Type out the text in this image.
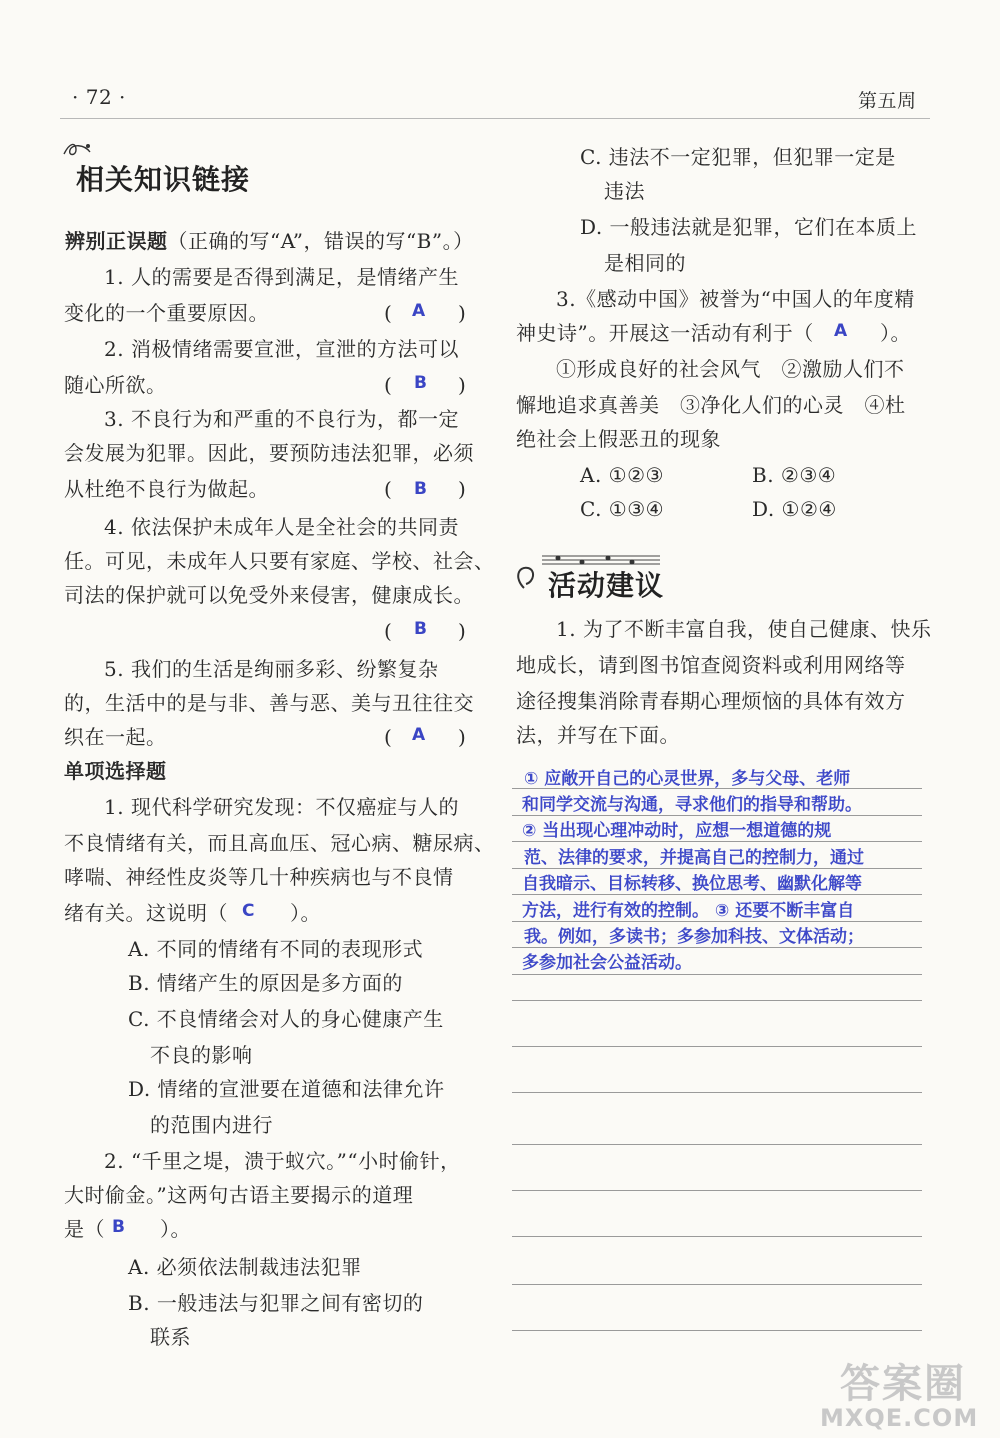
· 72 ·	第五周
相关知识链接
辨别正误题（正确的写“A”，错误的写“B”。）
1. 人的需要是否得到满足，是情绪产生
变化的一个重要原因。	( A )
2. 消极情绪需要宣泄，宣泄的方法可以
随心所欲。	( B )
3. 不良行为和严重的不良行为，都一定
会发展为犯罪。因此，要预防违法犯罪，必须
从杜绝不良行为做起。	( B )
4. 依法保护未成年人是全社会的共同责
任。可见，未成年人只要有家庭、学校、社会、
司法的保护就可以免受外来侵害，健康成长。
( B )
5. 我们的生活是绚丽多彩、纷繁复杂
的，生活中的是与非、善与恶、美与丑往往交
织在一起。	( A )
单项选择题
1. 现代科学研究发现：不仅癌症与人的
不良情绪有关，而且高血压、冠心病、糖尿病、
哮喘、神经性皮炎等几十种疾病也与不良情
绪有关。这说明（ C ）。
A. 不同的情绪有不同的表现形式
B. 情绪产生的原因是多方面的
C. 不良情绪会对人的身心健康产生
不良的影响
D. 情绪的宣泄要在道德和法律允许
的范围内进行
2. “千里之堤，溃于蚁穴。”“小时偷针，
大时偷金。”这两句古语主要揭示的道理
是（ B ）。
A. 必须依法制裁违法犯罪
B. 一般违法与犯罪之间有密切的
联系
C. 违法不一定犯罪，但犯罪一定是
违法
D. 一般违法就是犯罪，它们在本质上
是相同的
3.《感动中国》被誉为“中国人的年度精
神史诗”。开展这一活动有利于（ A ）。
①形成良好的社会风气　②激励人们不
懈地追求真善美　③净化人们的心灵　④杜
绝社会上假恶丑的现象
A. ①②③	B. ②③④
C. ①③④	D. ①②④
活动建议
1. 为了不断丰富自我，使自己健康、快乐
地成长，请到图书馆查阅资料或利用网络等
途径搜集消除青春期心理烦恼的具体有效方
法，并写在下面。
① 应敞开自己的心灵世界，多与父母、老师
和同学交流与沟通，寻求他们的指导和帮助。
② 当出现心理冲动时，应想一想道德的规
范、法律的要求，并提高自己的控制力，通过
自我暗示、目标转移、换位思考、幽默化解等
方法，进行有效的控制。 ③ 还要不断丰富自
我。例如，多读书；多参加科技、文体活动；
多参加社会公益活动。
答案圈
MXQE.COM
